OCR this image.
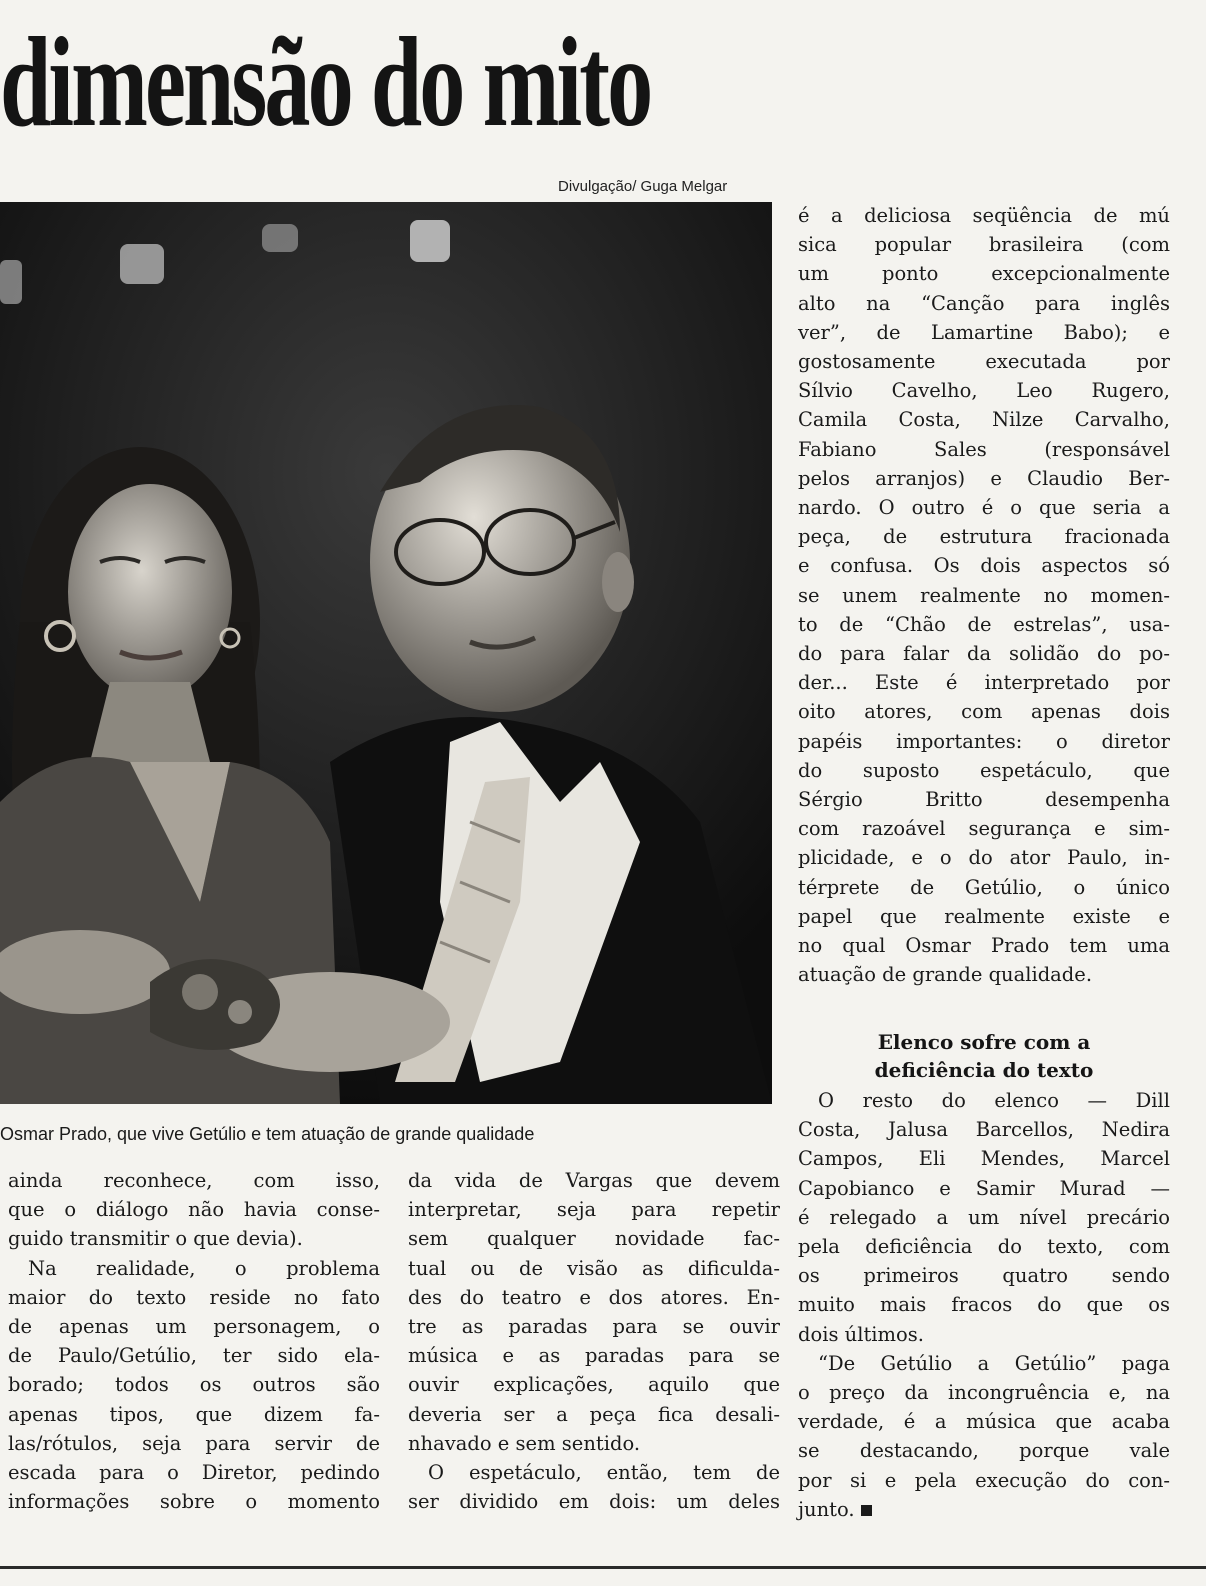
dimensão do mito
Divulgação/ Guga Melgar
Osmar Prado, que vive Getúlio e tem atuação de grande qualidade
é a deliciosa seqüência de mú
sica popular brasileira (com
um ponto excepcionalmente
alto na “Canção para inglês
ver”, de Lamartine Babo); e
gostosamente executada por
Sílvio Cavelho, Leo Rugero,
Camila Costa, Nilze Carvalho,
Fabiano Sales (responsável
pelos arranjos) e Claudio Ber-
nardo. O outro é o que seria a
peça, de estrutura fracionada
e confusa. Os dois aspectos só
se unem realmente no momen-
to de “Chão de estrelas”, usa-
do para falar da solidão do po-
der... Este é interpretado por
oito atores, com apenas dois
papéis importantes: o diretor
do suposto espetáculo, que
Sérgio Britto desempenha
com razoável segurança e sim-
plicidade, e o do ator Paulo, in-
térprete de Getúlio, o único
papel que realmente existe e
no qual Osmar Prado tem uma
atuação de grande qualidade.
Elenco sofre com a
deficiência do texto
O resto do elenco — Dill
Costa, Jalusa Barcellos, Nedira
Campos, Eli Mendes, Marcel
Capobianco e Samir Murad —
é relegado a um nível precário
pela deficiência do texto, com
os primeiros quatro sendo
muito mais fracos do que os
dois últimos.
“De Getúlio a Getúlio” paga
o preço da incongruência e, na
verdade, é a música que acaba
se destacando, porque vale
por si e pela execução do con-
junto.
ainda reconhece, com isso,
que o diálogo não havia conse-
guido transmitir o que devia).
Na realidade, o problema
maior do texto reside no fato
de apenas um personagem, o
de Paulo/Getúlio, ter sido ela-
borado; todos os outros são
apenas tipos, que dizem fa-
las/rótulos, seja para servir de
escada para o Diretor, pedindo
informações sobre o momento
da vida de Vargas que devem
interpretar, seja para repetir
sem qualquer novidade fac-
tual ou de visão as dificulda-
des do teatro e dos atores. En-
tre as paradas para se ouvir
música e as paradas para se
ouvir explicações, aquilo que
deveria ser a peça fica desali-
nhavado e sem sentido.
O espetáculo, então, tem de
ser dividido em dois: um deles
